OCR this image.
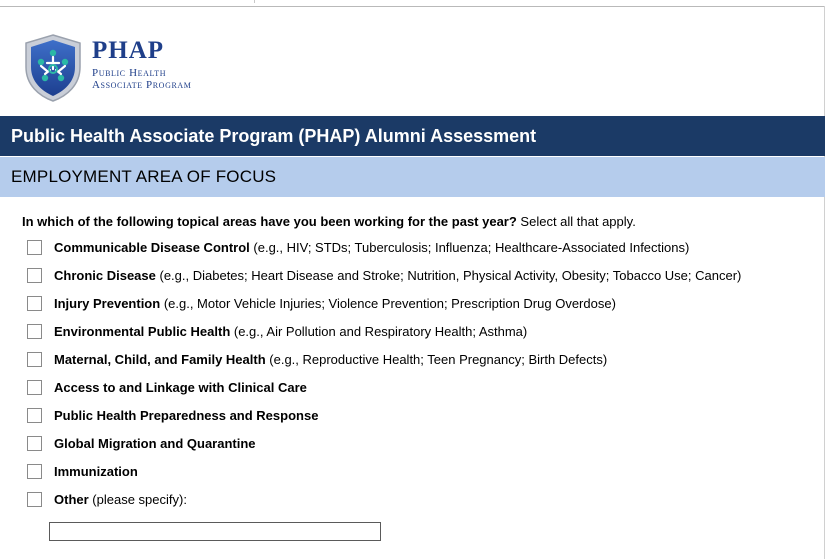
PHAP
Public Health
Associate Program
Public Health Associate Program (PHAP) Alumni Assessment
EMPLOYMENT AREA OF FOCUS
In which of the following topical areas have you been working for the past year? Select all that apply.
Communicable Disease Control (e.g., HIV; STDs; Tuberculosis; Influenza; Healthcare-Associated Infections)
Chronic Disease (e.g., Diabetes; Heart Disease and Stroke; Nutrition, Physical Activity, Obesity; Tobacco Use; Cancer)
Injury Prevention (e.g., Motor Vehicle Injuries; Violence Prevention; Prescription Drug Overdose)
Environmental Public Health (e.g., Air Pollution and Respiratory Health; Asthma)
Maternal, Child, and Family Health (e.g., Reproductive Health; Teen Pregnancy; Birth Defects)
Access to and Linkage with Clinical Care
Public Health Preparedness and Response
Global Migration and Quarantine
Immunization
Other (please specify):
